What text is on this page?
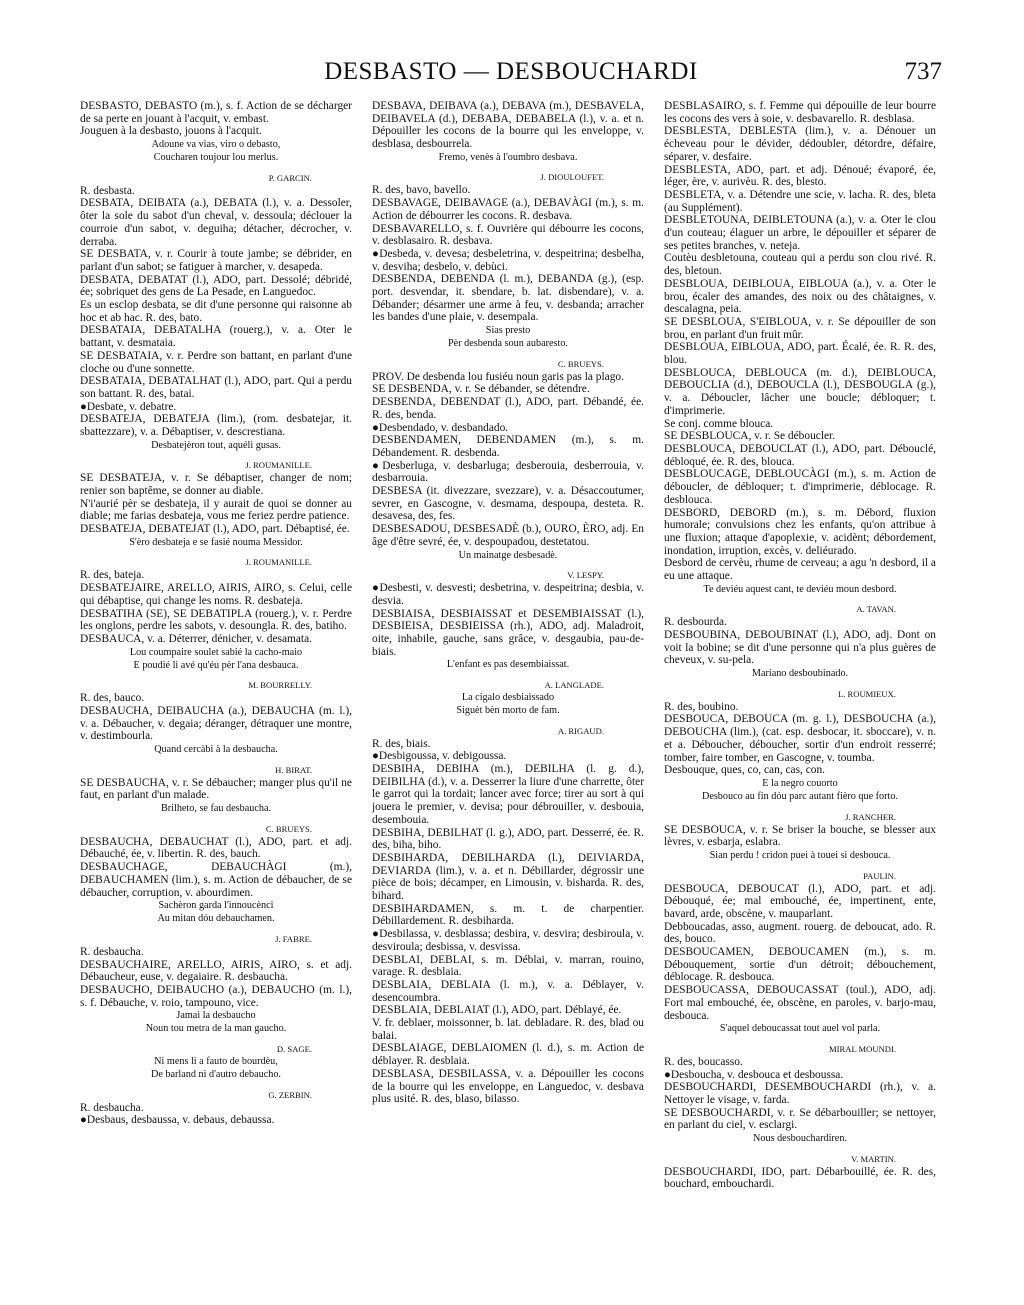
DESBASTO — DESBOUCHARDI	737

DESBASTO, DEBASTO (m.), s. f. Action de se décharger de sa perte en jouant à l'acquit, v. embast.

Jouguen à la desbasto, jouons à l'acquit.

Adoune va vias, viro o debasto,

Coucharen toujour lou merlus.

P. GARCIN.

R. desbasta.

DESBATA, DEIBATA (a.), DEBATA (l.), v. a. Dessoler, ôter la sole du sabot d'un cheval, v. dessoula; déclouer la courroie d'un sabot, v. deguiha; détacher, décrocher, v. derraba.

SE DESBATA, v. r. Courir à toute jambe; se débrider, en parlant d'un sabot; se fatiguer à marcher, v. desapeda.

DESBATA, DEBATAT (l.), ADO, part. Dessolé; débridé, ée; sobriquet des gens de La Pesade, en Languedoc.

Es un esclop desbata, se dit d'une personne qui raisonne ab hoc et ab hac. R. des, bato.

DESBATAIA, DEBATALHA (rouerg.), v. a. Oter le battant, v. desmataia.

SE DESBATAIA, v. r. Perdre son battant, en parlant d'une cloche ou d'une sonnette.

DESBATAIA, DEBATALHAT (l.), ADO, part. Qui a perdu son battant. R. des, batai.

●Desbate, v. debatre.

DESBATEJA, DEBATEJA (lim.), (rom. desbatejar, it. sbattezzare), v. a. Débaptiser, v. descrestiana.

Desbatejèron tout, aquéli gusas.

J. ROUMANILLE.

SE DESBATEJA, v. r. Se débaptiser, changer de nom; renier son baptême, se donner au diable.

N'i'aurié pèr se desbateja, il y aurait de quoi se donner au diable; me farias desbateja, vous me feriez perdre patience.

DESBATEJA, DEBATEJAT (l.), ADO, part. Débaptisé, ée.

S'èro desbateja e se fasié nouma Messidor.

J. ROUMANILLE.

R. des, bateja.

DESBATEJAIRE, ARELLO, AIRIS, AIRO, s. Celui, celle qui débaptise, qui change les noms. R. desbateja.

DESBATIHA (SE), SE DEBATIPLA (rouerg.), v. r. Perdre les onglons, perdre les sabots, v. desoungla. R. des, batiho.

DESBAUCA, v. a. Déterrer, dénicher, v. desamata.

Lou coumpaire soulet sabié la cacho-maio

E poudié li avé qu'éu pèr l'ana desbauca.

M. BOURRELLY.

R. des, bauco.

DESBAUCHA, DEIBAUCHA (a.), DEBAUCHA (m. l.), v. a. Débaucher, v. degaia; déranger, détraquer une montre, v. destimbourla.

Quand cercàbi à la desbaucha.

H. BIRAT.

SE DESBAUCHA, v. r. Se débaucher; manger plus qu'il ne faut, en parlant d'un malade.

Brilheto, se fau desbaucha.

C. BRUEYS.

DESBAUCHA, DEBAUCHAT (l.), ADO, part. et adj. Débauché, ée, v. libertin. R. des, bauch.

DESBAUCHAGE, DEBAUCHÀGI (m.), DEBAUCHAMEN (lim.), s. m. Action de débaucher, de se débaucher, corruption, v. abourdimen.

Sachèron garda l'innoucènci

Au mitan dóu debauchamen.

J. FABRE.

R. desbaucha.

DESBAUCHAIRE, ARELLO, AIRIS, AIRO, s. et adj. Débaucheur, euse, v. degaiaire. R. desbaucha.

DESBAUCHO, DEIBAUCHO (a.), DEBAUCHO (m. l.), s. f. Débauche, v. roio, tampouno, vice.

Jamai la desbaucho

Noun tou metra de la man gaucho.

D. SAGE.

Ni mens li a fauto de bourdèu,

De barland ni d'autro debaucho.

G. ZERBIN.

R. desbaucha.

●Desbaus, desbaussa, v. debaus, debaussa.

DESBAVA, DEIBAVA (a.), DEBAVA (m.), DESBAVELA, DEIBAVELA (d.), DEBABA, DEBABELA (l.), v. a. et n. Dépouiller les cocons de la bourre qui les enveloppe, v. desblasa, desbourrela.

Fremo, venès à l'oumbro desbava.

J. DIOULOUFET.

R. des, bavo, bavello.

DESBAVAGE, DEIBAVAGE (a.), DEBAVÀGI (m.), s. m. Action de débourrer les cocons. R. desbava.

DESBAVARELLO, s. f. Ouvrière qui débourre les cocons, v. desblasairo. R. desbava.

●Desbeda, v. devesa; desbeletrina, v. despeitrina; desbelha, v. desviha; desbelo, v. debùci.

DESBENDA, DEBENDA (l. m.), DEBANDA (g.), (esp. port. desvendar, it. sbendare, b. lat. disbendare), v. a. Débander; désarmer une arme à feu, v. desbanda; arracher les bandes d'une plaie, v. desempala.

Sias presto

Pèr desbenda soun aubaresto.

C. BRUEYS.

PROV. De desbenda lou fusiéu noun garis pas la plago.

SE DESBENDA, v. r. Se débander, se détendre.

DESBENDA, DEBENDAT (l.), ADO, part. Débandé, ée. R. des, benda.

●Desbendado, v. desbandado.

DESBENDAMEN, DEBENDAMEN (m.), s. m. Débandement. R. desbenda.

●Desberluga, v. desbarluga; desberouia, desberrouia, v. desbarrouia.

DESBESA (it. divezzare, svezzare), v. a. Désaccoutumer, sevrer, en Gascogne, v. desmama, despoupa, desteta. R. desavesa, des, fes.

DESBESADOU, DESBESADÈ (b.), OURO, ÈRO, adj. En âge d'être sevré, ée, v. despoupadou, destetatou.

Un mainatge desbesadè.

V. LESPY.

●Desbesti, v. desvesti; desbetrina, v. despeitrina; desbia, v. desvia.

DESBIAISA, DESBIAISSAT et DESEMBIAISSAT (l.), DESBIEISA, DESBIEISSA (rh.), ADO, adj. Maladroit, oite, inhabile, gauche, sans grâce, v. desgaubia, pau-de-biais.

L'enfant es pas desembiaissat.

A. LANGLADE.

La cigalo desbiaissado

Siguèt bèn morto de fam.

A. RIGAUD.

R. des, biais.

●Desbigoussa, v. debigoussa.

DESBIHA, DEBIHA (m.), DEBILHA (l. g. d.), DEIBILHA (d.), v. a. Desserrer la liure d'une charrette, ôter le garrot qui la tordait; lancer avec force; tirer au sort à qui jouera le premier, v. devisa; pour débrouiller, v. desbouia, desembouia.

DESBIHA, DEBILHAT (l. g.), ADO, part. Desserré, ée. R. des, biha, biho.

DESBIHARDA, DEBILHARDA (l.), DEIVIARDA, DEVIARDA (lim.), v. a. et n. Débillarder, dégrossir une pièce de bois; décamper, en Limousin, v. bisharda. R. des, bihard.

DESBIHARDAMEN, s. m. t. de charpentier. Débillardement. R. desbiharda.

●Desbilassa, v. desblassa; desbira, v. desvira; desbiroula, v. desviroula; desbissa, v. desvissa.

DESBLAI, DEBLAI, s. m. Déblai, v. marran, rouino, varage. R. desblaia.

DESBLAIA, DEBLAIA (l. m.), v. a. Déblayer, v. desencoumbra.

DESBLAIA, DEBLAIAT (l.), ADO, part. Déblayé, ée.

V. fr. deblaer, moissonner, b. lat. debladare. R. des, blad ou balai.

DESBLAIAGE, DEBLAIOMEN (l. d.), s. m. Action de déblayer. R. desblaia.

DESBLASA, DESBILASSA, v. a. Dépouiller les cocons de la bourre qui les enveloppe, en Languedoc, v. desbava plus usité. R. des, blaso, bilasso.

DESBLASAIRO, s. f. Femme qui dépouille de leur bourre les cocons des vers à soie, v. desbavarello. R. desblasa.

DESBLESTA, DEBLESTA (lim.), v. a. Dénouer un écheveau pour le dévider, dédoubler, détordre, défaire, séparer, v. desfaire.

DESBLESTA, ADO, part. et adj. Dénoué; évaporé, ée, léger, ère, v. aurivèu. R. des, blesto.

DESBLETA, v. a. Détendre une scie, v. lacha. R. des, bleta (au Supplément).

DESBLETOUNA, DEIBLETOUNA (a.), v. a. Oter le clou d'un couteau; élaguer un arbre, le dépouiller et séparer de ses petites branches, v. neteja.

Coutèu desbletouna, couteau qui a perdu son clou rivé. R. des, bletoun.

DESBLOUA, DEIBLOUA, EIBLOUA (a.), v. a. Oter le brou, écaler des amandes, des noix ou des châtaignes, v. descalagna, peia.

SE DESBLOUA, S'EIBLOUA, v. r. Se dépouiller de son brou, en parlant d'un fruit mûr.

DESBLOUA, EIBLOUA, ADO, part. Écalé, ée. R. R. des, blou.

DESBLOUCA, DEBLOUCA (m. d.), DEIBLOUCA, DEBOUCLIA (d.), DEBOUCLA (l.), DESBOUGLA (g.), v. a. Déboucler, lâcher une boucle; débloquer; t. d'imprimerie.

Se conj. comme blouca.

SE DESBLOUCA, v. r. Se déboucler.

DESBLOUCA, DEBOUCLAT (l.), ADO, part. Débouclé, débloqué, ée. R. des, blouca.

DESBLOUCAGE, DEBLOUCÀGI (m.), s. m. Action de déboucler, de débloquer; t. d'imprimerie, déblocage. R. desblouca.

DESBORD, DEBORD (m.), s. m. Débord, fluxion humorale; convulsions chez les enfants, qu'on attribue à une fluxion; attaque d'apoplexie, v. acidènt; débordement, inondation, irruption, excès, v. deliéurado.

Desbord de cervèu, rhume de cerveau; a agu 'n desbord, il a eu une attaque.

Te deviéu aquest cant, te deviéu moun desbord.

A. TAVAN.

R. desbourda.

DESBOUBINA, DEBOUBINAT (l.), ADO, adj. Dont on voit la bobine; se dit d'une personne qui n'a plus guères de cheveux, v. su-pela.

Mariano desboubinado.

L. ROUMIEUX.

R. des, boubino.

DESBOUCA, DEBOUCA (m. g. l.), DESBOUCHA (a.), DEBOUCHA (lim.), (cat. esp. desbocar, it. sboccare), v. n. et a. Déboucher, déboucher, sortir d'un endroit resserré; tomber, faire tomber, en Gascogne, v. toumba.

Desbouque, ques, co, can, cas, con.

E la negro couorto

Desbouco au fin dóu parc autant fièro que forto.

J. RANCHER.

SE DESBOUCA, v. r. Se briser la bouche, se blesser aux lèvres, v. esbarja, eslabra.

Sian perdu ! cridon puei à touei si desbouca.

PAULIN.

DESBOUCA, DEBOUCAT (l.), ADO, part. et adj. Débouqué, ée; mal embouché, ée, impertinent, ente, bavard, arde, obscène, v. mauparlant.

Debboucadas, asso, augment. rouerg. de deboucat, ado. R. des, bouco.

DESBOUCAMEN, DEBOUCAMEN (m.), s. m. Débouquement, sortie d'un détroit; débouchement, déblocage. R. desbouca.

DESBOUCASSA, DEBOUCASSAT (toul.), ADO, adj. Fort mal embouché, ée, obscène, en paroles, v. barjo-mau, desbouca.

S'aquel deboucassat tout auel vol parla.

MIRAL MOUNDI.

R. des, boucasso.

●Desboucha, v. desbouca et desboussa.

DESBOUCHARDI, DESEMBOUCHARDI (rh.), v. a. Nettoyer le visage, v. farda.

SE DESBOUCHARDI, v. r. Se débarbouiller; se nettoyer, en parlant du ciel, v. esclargi.

Nous desbouchardiren.

V. MARTIN.

DESBOUCHARDI, IDO, part. Débarbouillé, ée. R. des, bouchard, embouchardi.
